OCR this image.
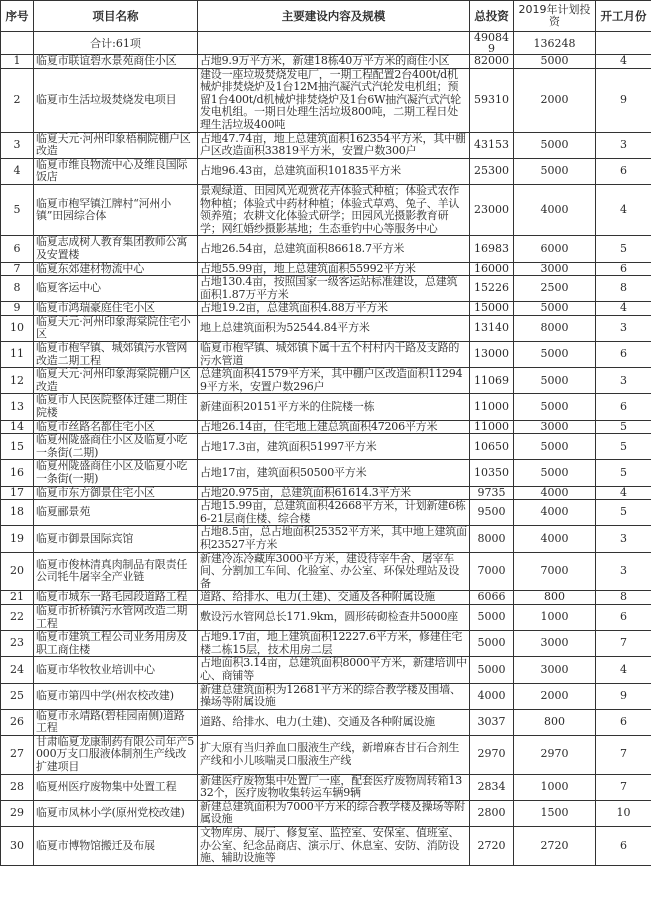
序号	项目名称	主要建设内容及规模	总投资	2019年计划投资	开工月份
	合计:61项		490849	136248	
1	临夏市联谊碧水景苑商住小区	占地9.9万平方米，新建18栋40万平方米的商住小区	82000	5000	4
2	临夏市生活垃圾焚烧发电项目	建设一座垃圾焚烧发电厂，一期工程配置2台400t/d机械炉排焚烧炉及1台12M抽汽凝汽式汽轮发电机组；预留1台400t/d机械炉排焚烧炉及1台6W抽汽凝汽式汽轮发电机组。一期日处理生活垃圾800吨，二期工程日处理生活垃圾400吨	59310	2000	9
3	临夏天元·河州印象梧桐院棚户区改造	占地47.74亩，地上总建筑面积162354平方米，其中棚户区改造面积33819平方米，安置户数300户	43153	5000	3
4	临夏市维良物流中心及维良国际饭店	占地96.43亩，总建筑面积101835平方米	25300	5000	6
5	临夏市枹罕镇江牌村“河州小镇”田园综合体	景观绿道、田园风光观赏花卉体验式种植；体验式农作物种植；体验式中药材种植；体验式草鸡、兔子、羊认领养殖；农耕文化体验式研学；田园风光摄影教育研学；网红婚纱摄影基地；生态垂钓中心等服务中心	23000	4000	4
6	临夏志成树人教育集团教师公寓及安置楼	占地26.54亩，总建筑面积86618.7平方米	16983	6000	5
7	临夏东郊建材物流中心	占地55.99亩，地上总建筑面积55992平方米	16000	3000	6
8	临夏客运中心	占地130.4亩，按照国家一级客运站标准建设，总建筑面积1.87万平方米	15226	2500	8
9	临夏市鸿瑞豪庭住宅小区	占地19.2亩，总建筑面积4.88万平方米	15000	5000	4
10	临夏天元·河州印象海棠院住宅小区	地上总建筑面积为52544.84平方米	13140	8000	3
11	临夏市枹罕镇、城郊镇污水管网改造二期工程	临夏市枹罕镇、城郊镇下属十五个村村内干路及支路的污水管道	13000	5000	6
12	临夏天元·河州印象海棠院棚户区改造	总建筑面积41579平方米，其中棚户区改造面积112949平方米，安置户数296户	11069	5000	3
13	临夏市人民医院整体迁建二期住院楼	新建面积20151平方米的住院楼一栋	11000	5000	6
14	临夏市丝路名都住宅小区	占地26.14亩，住宅地上建总筑面积47206平方米	11000	3000	5
15	临夏州陇盛商住小区及临夏小吃一条街(二期)	占地17.3亩，建筑面积51997平方米	10650	5000	5
16	临夏州陇盛商住小区及临夏小吃一条街(一期)	占地17亩，建筑面积50500平方米	10350	5000	5
17	临夏市东方御景住宅小区	占地20.975亩，总建筑面积61614.3平方米	9735	4000	4
18	临夏郦景苑	占地15.99亩，总建筑面积42668平方米，计划新建6栋6-21层商住楼、综合楼	9500	4000	5
19	临夏市御景国际宾馆	占地8.5亩，总占地面积25352平方米，其中地上建筑面积23527平方米	8000	4000	3
20	临夏市俊林清真肉制品有限责任公司牦牛屠宰全产业链	新建冷冻冷藏库3000平方米，建设待宰牛舍、屠宰车间、分割加工车间、化验室、办公室、环保处理站及设备	7000	7000	3
21	临夏市城东一路毛园段道路工程	道路、给排水、电力(土建)、交通及各种附属设施	6066	800	8
22	临夏市折桥镇污水管网改造二期工程	敷设污水管网总长171.9km，圆形砖砌检查井5000座	5000	1000	6
23	临夏市建筑工程公司业务用房及职工商住楼	占地9.17亩，地上建筑面积12227.6平方米，修建住宅楼二栋15层，技术用房二层	5000	3000	7
24	临夏市华牧牧业培训中心	占地面积3.14亩，总建筑面积8000平方米，新建培训中心、商铺等	5000	3000	4
25	临夏市第四中学(州农校改建)	新建总建筑面积为12681平方米的综合教学楼及围墙、操场等附属设施	4000	2000	9
26	临夏市永靖路(碧桂园南侧)道路工程	道路、给排水、电力(土建)、交通及各种附属设施	3037	800	6
27	甘肃临夏龙康制药有限公司年产5000万支口服液体制剂生产线改扩建项目	扩大原有当归养血口服液生产线，新增麻杏甘石合剂生产线和小儿咳喘灵口服液生产线	2970	2970	7
28	临夏州医疗废物集中处置工程	新建医疗废物集中处置厂一座，配套医疗废物周转箱1332个，医疗废物收集转运车辆9辆	2834	1000	7
29	临夏市凤林小学(原州党校改建)	新建总建筑面积为7000平方米的综合教学楼及操场等附属设施	2800	1500	10
30	临夏市博物馆搬迁及布展	文物库房、展厅、修复室、监控室、安保室、值班室、办公室、纪念品商店、演示厅、休息室、安防、消防设施、辅助设施等	2720	2720	6
